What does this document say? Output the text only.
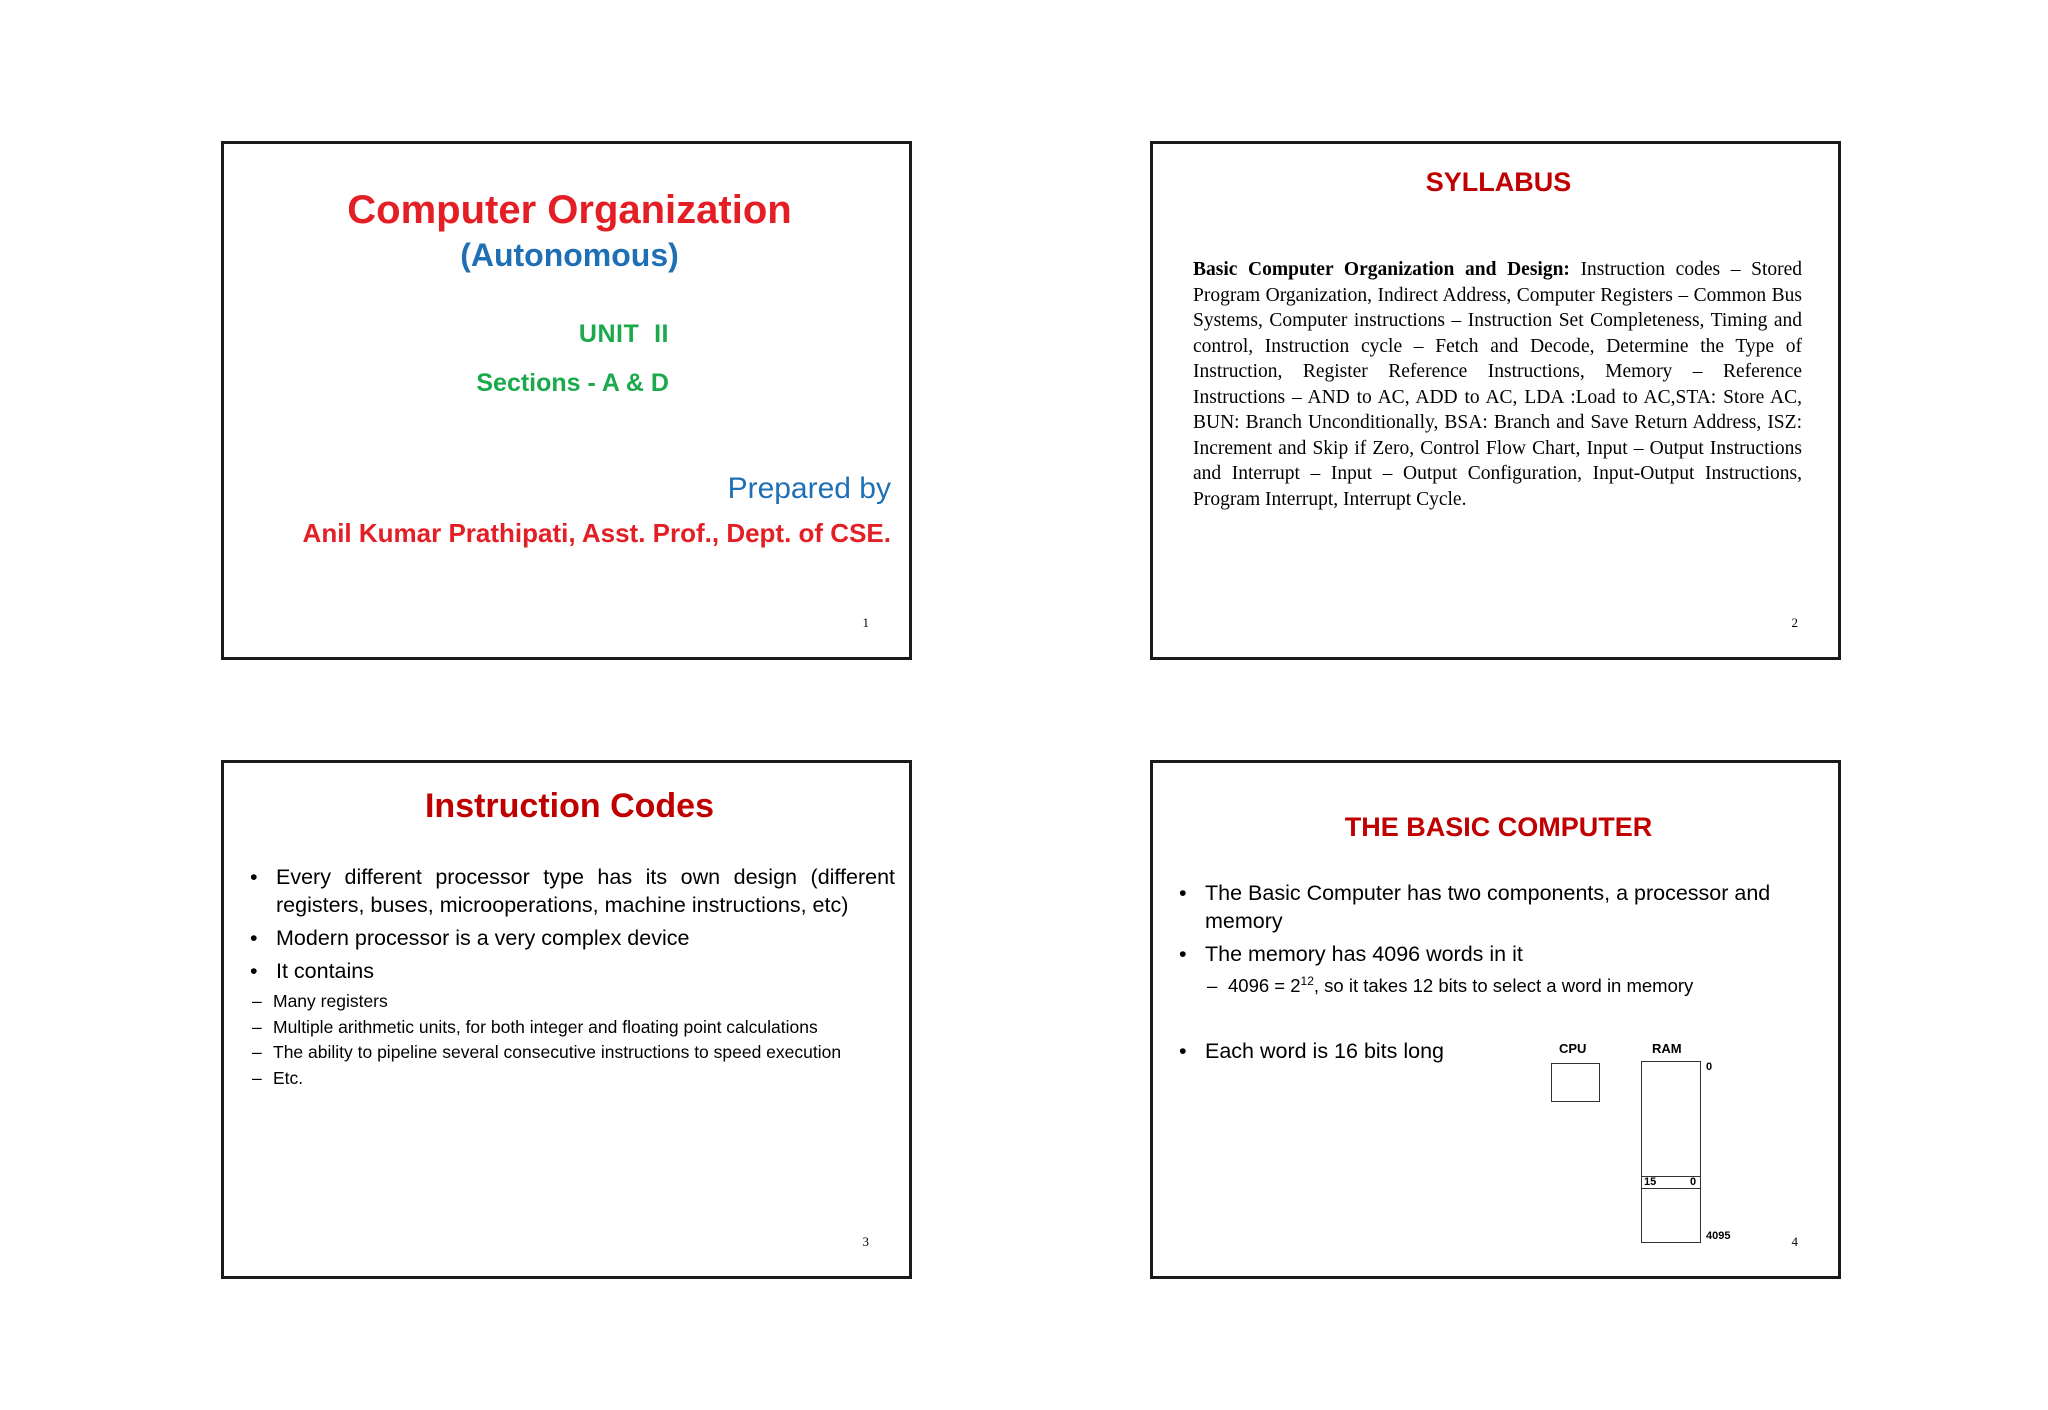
Computer Organization
(Autonomous)
UNIT  II
Sections - A & D
Prepared by
Anil Kumar Prathipati, Asst. Prof., Dept. of CSE.
1
SYLLABUS
Basic Computer Organization and Design: Instruction codes – Stored Program Organization, Indirect Address, Computer Registers – Common Bus Systems, Computer instructions – Instruction Set Completeness, Timing and control, Instruction cycle – Fetch and Decode, Determine the Type of Instruction, Register Reference Instructions, Memory – Reference Instructions – AND to AC, ADD to AC, LDA :Load to AC,STA: Store AC, BUN: Branch Unconditionally, BSA: Branch and Save Return Address, ISZ: Increment and Skip if Zero, Control Flow Chart, Input – Output Instructions and Interrupt – Input – Output Configuration, Input-Output Instructions, Program Interrupt, Interrupt Cycle.
2
Instruction Codes
• Every different processor type has its own design (different registers, buses, microoperations, machine instructions, etc)
• Modern processor is a very complex device
• It contains
– Many registers
– Multiple arithmetic units, for both integer and floating point calculations
– The ability to pipeline several consecutive instructions to speed execution
– Etc.
3
THE BASIC COMPUTER
• The Basic Computer has two components, a processor and memory
• The memory has 4096 words in it
– $4096 = 2^{12}$, so it takes 12 bits to select a word in memory
• Each word is 16 bits long	CPU	RAM
0
15	0
4095	4
